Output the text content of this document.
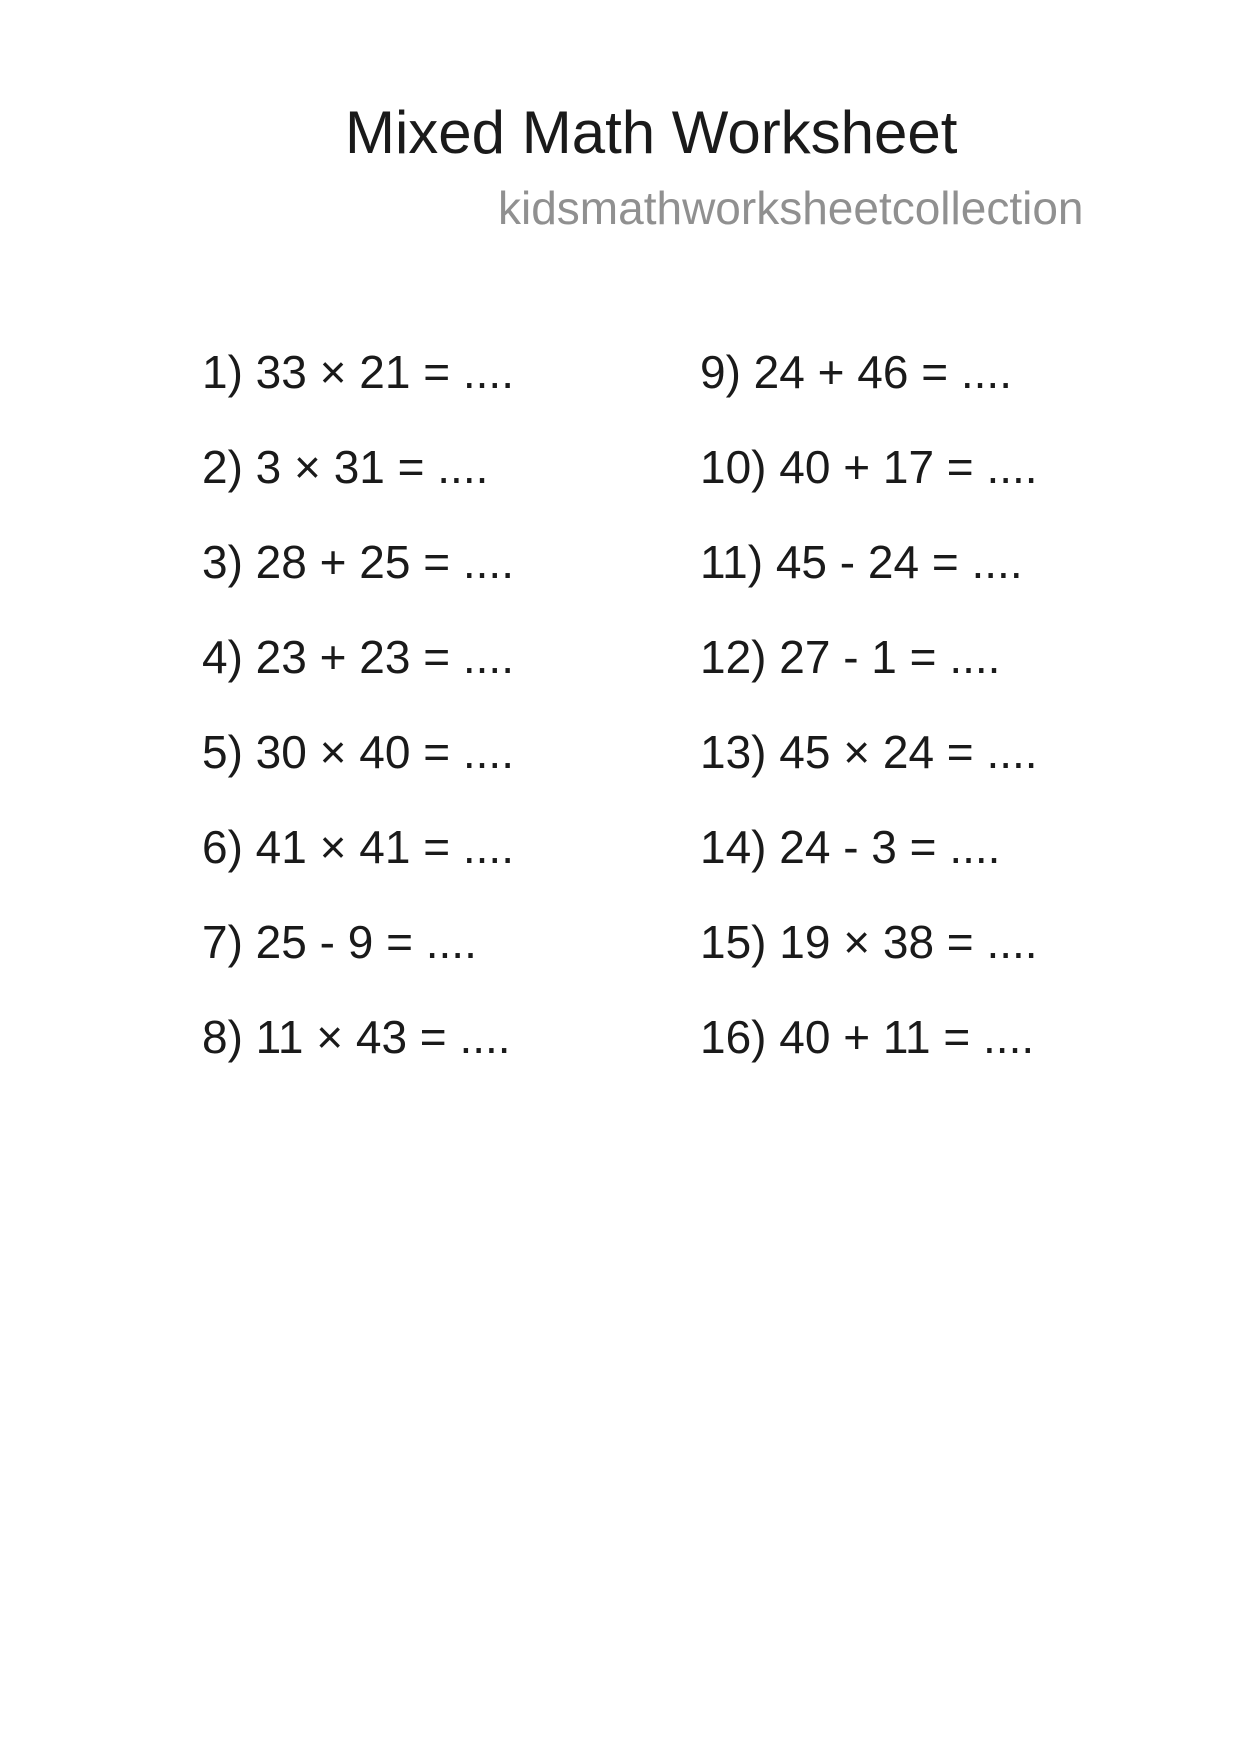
Mixed Math Worksheet
kidsmathworksheetcollection
1) 33 × 21 = ....
2) 3 × 31 = ....
3) 28 + 25 = ....
4) 23 + 23 = ....
5) 30 × 40 = ....
6) 41 × 41 = ....
7) 25 - 9 = ....
8) 11 × 43 = ....
9) 24 + 46 = ....
10) 40 + 17 = ....
11) 45 - 24 = ....
12) 27 - 1 = ....
13) 45 × 24 = ....
14) 24 - 3 = ....
15) 19 × 38 = ....
16) 40 + 11 = ....
